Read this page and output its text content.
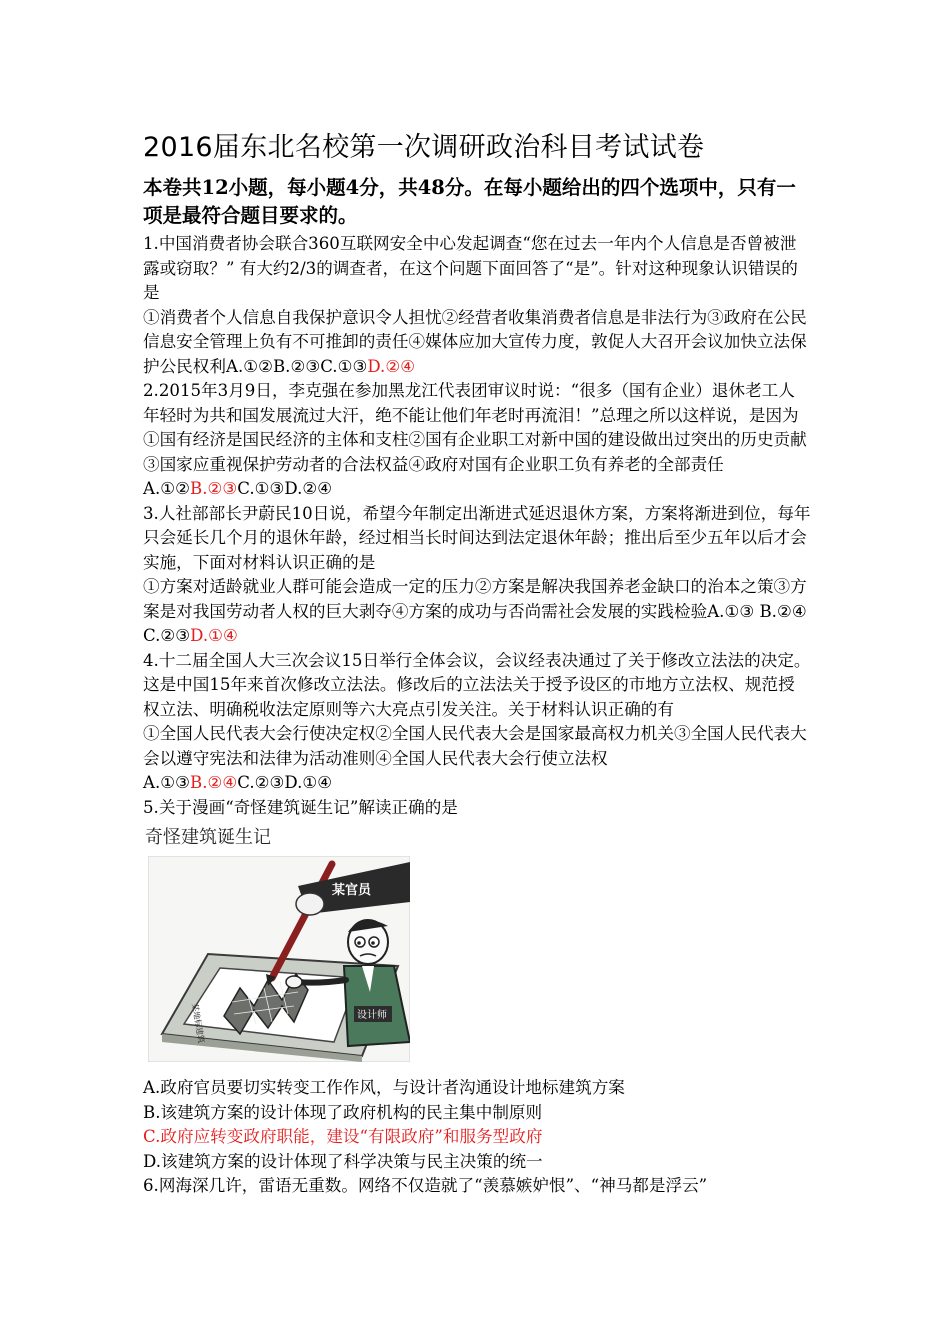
2016届东北名校第一次调研政治科目考试试卷

本卷共12小题，每小题4分，共48分。在每小题给出的四个选项中，只有一项是最符合题目要求的。

1.中国消费者协会联合360互联网安全中心发起调查“您在过去一年内个人信息是否曾被泄露或窃取？” 有大约2/3的调查者，在这个问题下面回答了“是”。针对这种现象认识错误的是

①消费者个人信息自我保护意识令人担忧②经营者收集消费者信息是非法行为③政府在公民信息安全管理上负有不可推卸的责任④媒体应加大宣传力度，敦促人大召开会议加快立法保护公民权利A.①②B.②③C.①③D.②④

2.2015年3月9日，李克强在参加黑龙江代表团审议时说：“很多（国有企业）退休老工人年轻时为共和国发展流过大汗，绝不能让他们年老时再流泪！”总理之所以这样说，是因为

①国有经济是国民经济的主体和支柱②国有企业职工对新中国的建设做出过突出的历史贡献③国家应重视保护劳动者的合法权益④政府对国有企业职工负有养老的全部责任A.①②B.②③C.①③D.②④

3.人社部部长尹蔚民10日说，希望今年制定出渐进式延迟退休方案，方案将渐进到位，每年只会延长几个月的退休年龄，经过相当长时间达到法定退休年龄；推出后至少五年以后才会实施，下面对材料认识正确的是

①方案对适龄就业人群可能会造成一定的压力②方案是解决我国养老金缺口的治本之策③方案是对我国劳动者人权的巨大剥夺④方案的成功与否尚需社会发展的实践检验A.①③ B.②④ C.②③D.①④

4.十二届全国人大三次会议15日举行全体会议，会议经表决通过了关于修改立法法的决定。这是中国15年来首次修改立法法。修改后的立法法关于授予设区的市地方立法权、规范授权立法、明确税收法定原则等六大亮点引发关注。关于材料认识正确的有

①全国人民代表大会行使决定权②全国人民代表大会是国家最高权力机关③全国人民代表大会以遵守宪法和法律为活动准则④全国人民代表大会行使立法权

A.①③B.②④C.②③D.①④

5.关于漫画“奇怪建筑诞生记”解读正确的是

奇怪建筑诞生记
某地标建筑
某官员
设计师

A.政府官员要切实转变工作作风，与设计者沟通设计地标建筑方案

B.该建筑方案的设计体现了政府机构的民主集中制原则

C.政府应转变政府职能，建设“有限政府”和服务型政府

D.该建筑方案的设计体现了科学决策与民主决策的统一

6.网海深几许，雷语无重数。网络不仅造就了“羡慕嫉妒恨”、“神马都是浮云”
